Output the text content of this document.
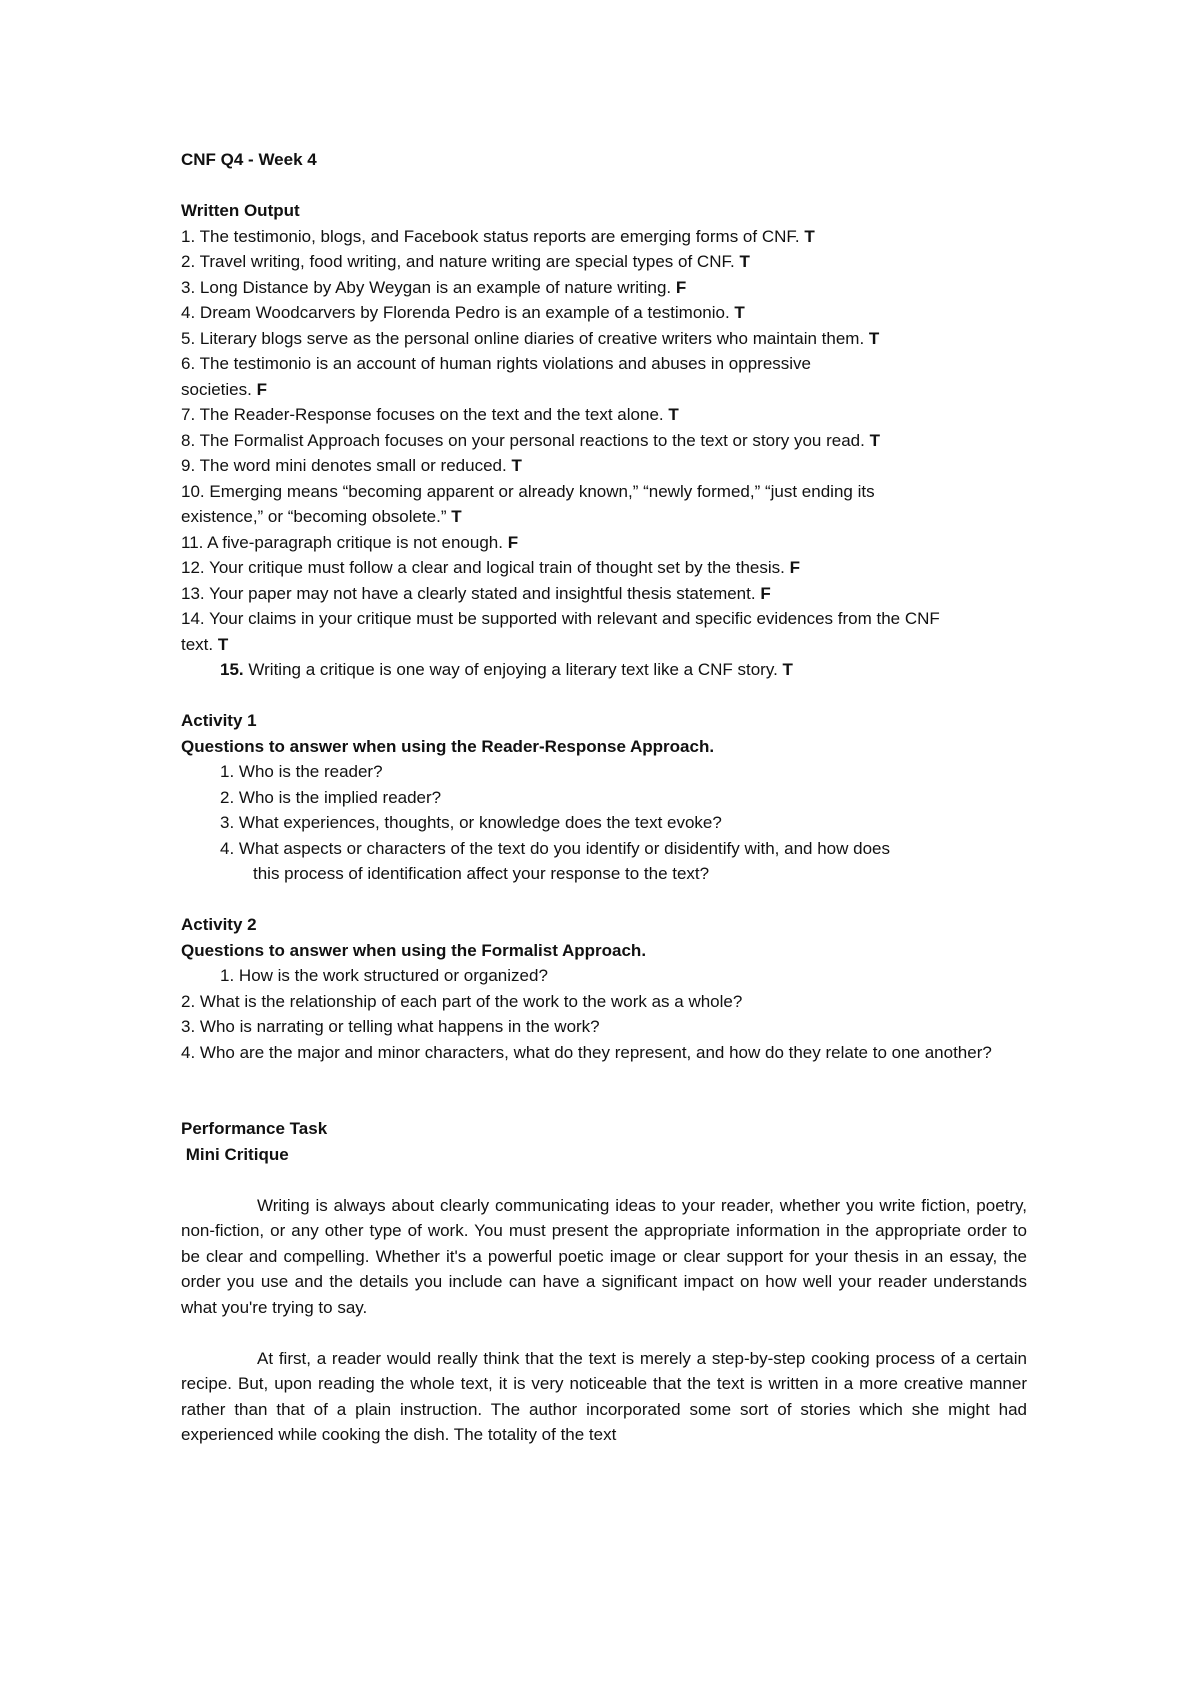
CNF Q4 - Week 4

Written Output

1. The testimonio, blogs, and Facebook status reports are emerging forms of CNF. T

2. Travel writing, food writing, and nature writing are special types of CNF. T

3. Long Distance by Aby Weygan is an example of nature writing. F

4. Dream Woodcarvers by Florenda Pedro is an example of a testimonio. T

5. Literary blogs serve as the personal online diaries of creative writers who maintain them. T

6. The testimonio is an account of human rights violations and abuses in oppressive societies. F

7. The Reader-Response focuses on the text and the text alone. T

8. The Formalist Approach focuses on your personal reactions to the text or story you read. T

9. The word mini denotes small or reduced. T

10. Emerging means “becoming apparent or already known,” “newly formed,” “just ending its existence,” or “becoming obsolete.” T

11. A five-paragraph critique is not enough. F

12. Your critique must follow a clear and logical train of thought set by the thesis. F

13. Your paper may not have a clearly stated and insightful thesis statement. F

14. Your claims in your critique must be supported with relevant and specific evidences from the CNF text. T

15. Writing a critique is one way of enjoying a literary text like a CNF story. T

Activity 1

Questions to answer when using the Reader-Response Approach.

1. Who is the reader?

2. Who is the implied reader?

3. What experiences, thoughts, or knowledge does the text evoke?

4. What aspects or characters of the text do you identify or disidentify with, and how does

this process of identification affect your response to the text?

Activity 2

Questions to answer when using the Formalist Approach.

1. How is the work structured or organized?

2. What is the relationship of each part of the work to the work as a whole?

3. Who is narrating or telling what happens in the work?

4. Who are the major and minor characters, what do they represent, and how do they relate to one another?

Performance Task

Mini Critique

Writing is always about clearly communicating ideas to your reader, whether you write fiction, poetry, non-fiction, or any other type of work. You must present the appropriate information in the appropriate order to be clear and compelling. Whether it's a powerful poetic image or clear support for your thesis in an essay, the order you use and the details you include can have a significant impact on how well your reader understands what you're trying to say.

At first, a reader would really think that the text is merely a step-by-step cooking process of a certain recipe. But, upon reading the whole text, it is very noticeable that the text is written in a more creative manner rather than that of a plain instruction. The author incorporated some sort of stories which she might had experienced while cooking the dish. The totality of the text
